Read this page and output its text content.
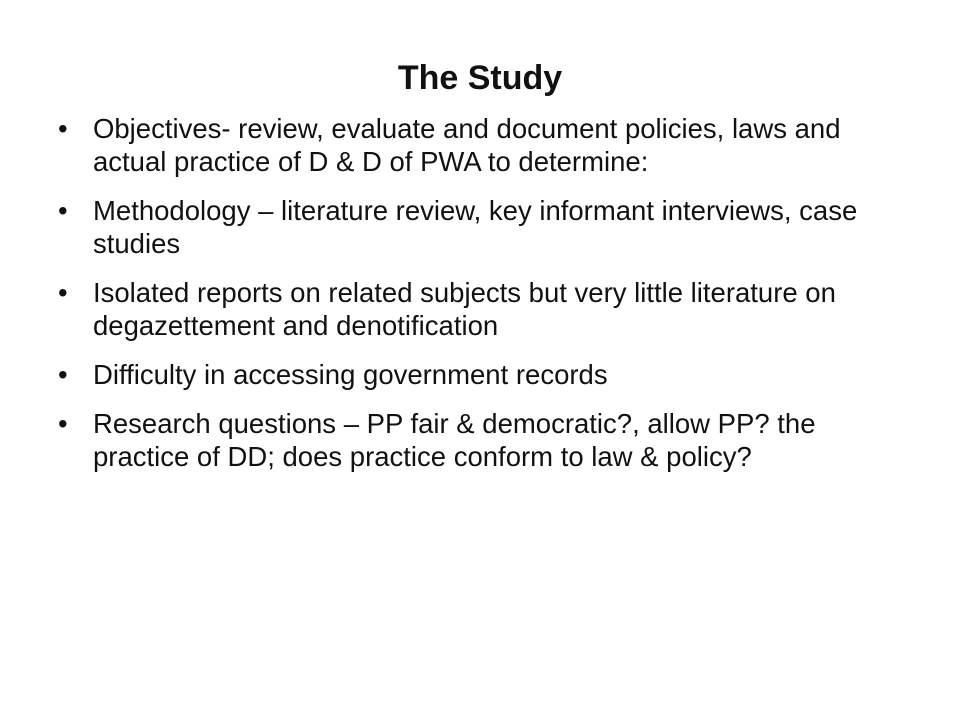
The Study
• Objectives- review, evaluate and document policies, laws and actual practice of D & D of PWA to determine:
• Methodology – literature review, key informant interviews, case studies
• Isolated reports on related subjects but very little literature on degazettement and denotification
• Difficulty in accessing government records
• Research questions – PP fair & democratic?, allow PP? the practice of DD; does practice conform to law & policy?
